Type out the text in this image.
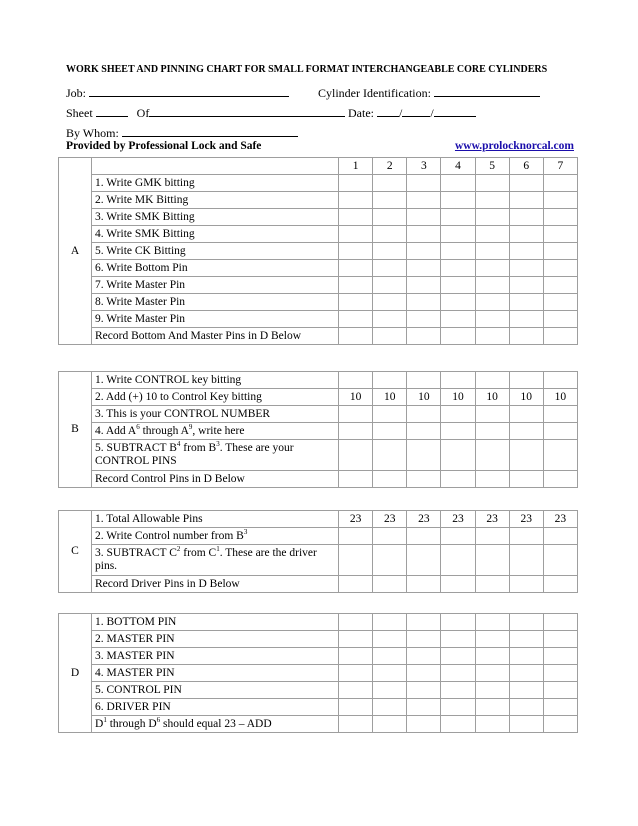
WORK SHEET AND PINNING CHART FOR SMALL FORMAT INTERCHANGEABLE CORE CYLINDERS
Job:	Cylinder Identification:
Sheet	Of	Date: / /
By Whom:
Provided by Professional Lock and Safe	www.prolocknorcal.com
A		1	2	3	4	5	6	7
	1. Write GMK bitting							
	2. Write MK Bitting							
	3. Write SMK Bitting							
	4. Write SMK Bitting							
	5. Write CK Bitting							
	6. Write Bottom Pin							
	7. Write Master Pin							
	8. Write Master Pin							
	9. Write Master Pin							
	Record Bottom And Master Pins in D Below							
B	1. Write CONTROL key bitting							
	2. Add (+) 10 to Control Key bitting	10	10	10	10	10	10	10
	3. This is your CONTROL NUMBER							
	4. Add $A^6$ through $A^9$, write here							
	5. SUBTRACT $B^4$ from $B^3$. These are your CONTROL PINS							
	Record Control Pins in D Below							
C	1. Total Allowable Pins	23	23	23	23	23	23	23
	2. Write Control number from $B^3$							
	3. SUBTRACT $C^2$ from $C^1$. These are the driver pins.							
	Record Driver Pins in D Below							
D	1. BOTTOM PIN							
	2. MASTER PIN							
	3. MASTER PIN							
	4. MASTER PIN							
	5. CONTROL PIN							
	6. DRIVER PIN							
	$D^1$ through $D^6$ should equal 23 – ADD							
